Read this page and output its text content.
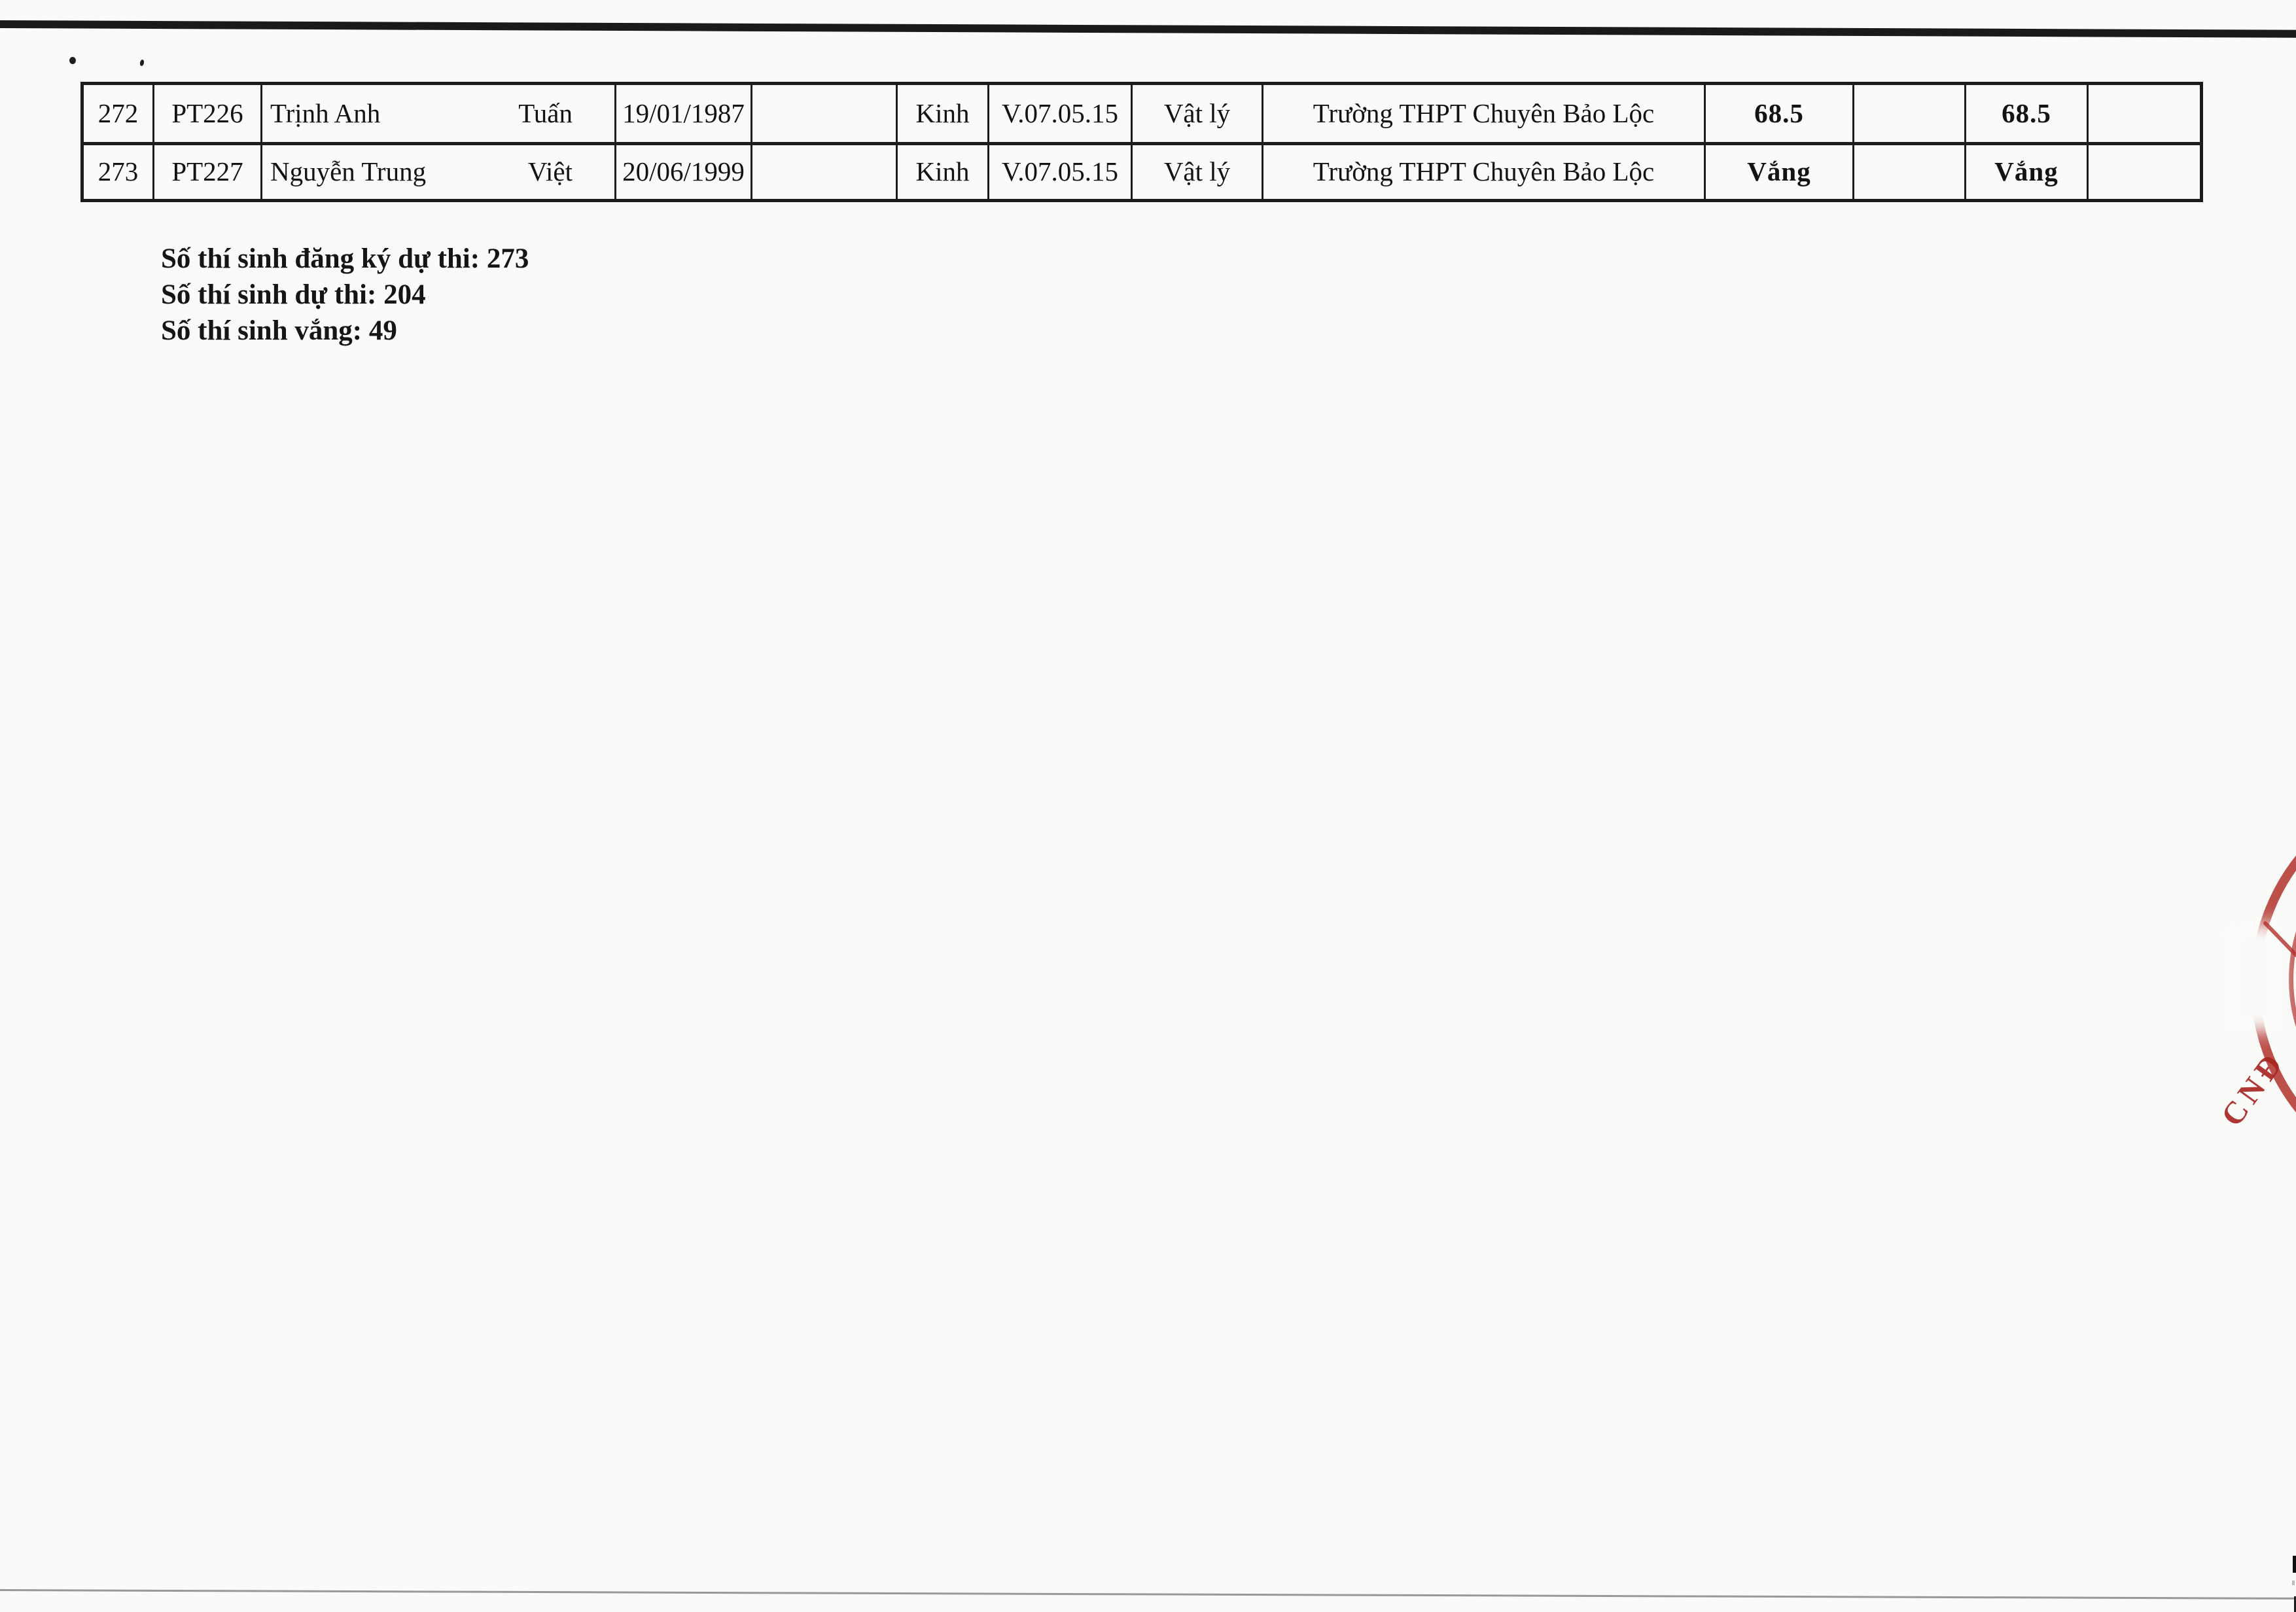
272	PT226	Trịnh Anh Tuấn	19/01/1987		Kinh	V.07.05.15	Vật lý	Trường THPT Chuyên Bảo Lộc	68.5		68.5	
273	PT227	Nguyễn Trung Việt	20/06/1999		Kinh	V.07.05.15	Vật lý	Trường THPT Chuyên Bảo Lộc	Vắng		Vắng	
Số thí sinh đăng ký dự thi: 273
Số thí sinh dự thi: 204
Số thí sinh vắng: 49
CNĐ
